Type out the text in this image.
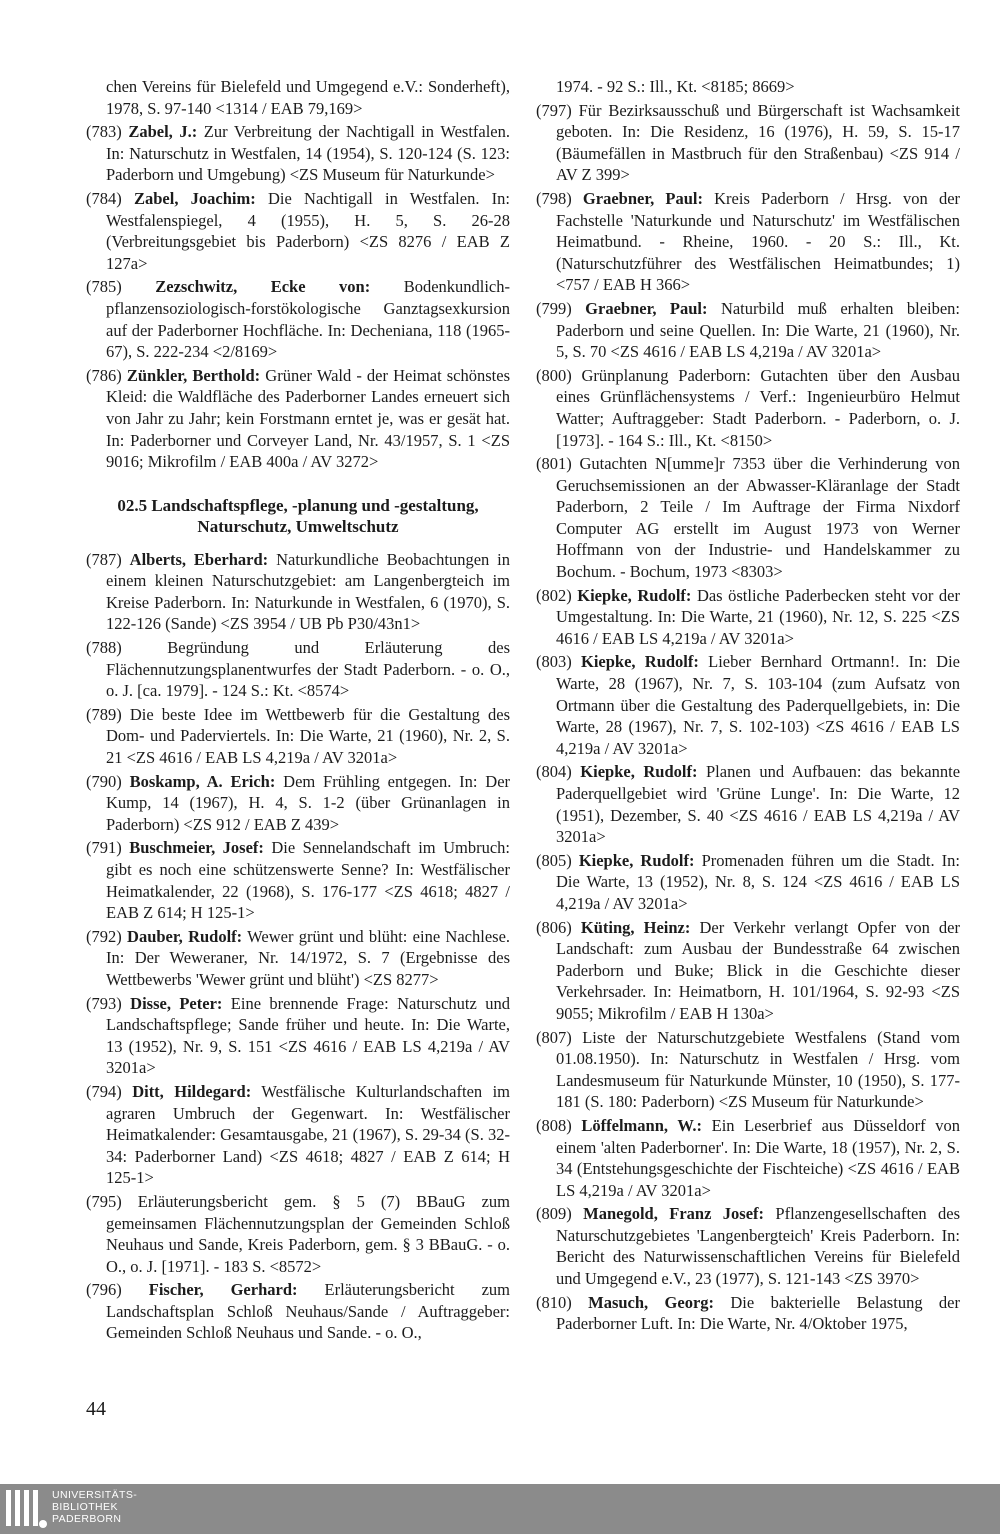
chen Vereins für Bielefeld und Umgegend e.V.: Sonderheft), 1978, S. 97-140 <1314 / EAB 79,169>
(783) Zabel, J.: Zur Verbreitung der Nachtigall in Westfalen. In: Naturschutz in Westfalen, 14 (1954), S. 120-124 (S. 123: Paderborn und Umgebung) <ZS Museum für Naturkunde>
(784) Zabel, Joachim: Die Nachtigall in Westfalen. In: Westfalenspiegel, 4 (1955), H. 5, S. 26-28 (Verbreitungsgebiet bis Paderborn) <ZS 8276 / EAB Z 127a>
(785) Zezschwitz, Ecke von: Bodenkundlich-pflanzensoziologisch-forstökologische Ganztagsexkursion auf der Paderborner Hochfläche. In: Decheniana, 118 (1965-67), S. 222-234 <2/8169>
(786) Zünkler, Berthold: Grüner Wald - der Heimat schönstes Kleid: die Waldfläche des Paderborner Landes erneuert sich von Jahr zu Jahr; kein Forstmann erntet je, was er gesät hat. In: Paderborner und Corveyer Land, Nr. 43/1957, S. 1 <ZS 9016; Mikrofilm / EAB 400a / AV 3272>
02.5 Landschaftspflege, -planung und -gestaltung, Naturschutz, Umweltschutz
(787) Alberts, Eberhard: Naturkundliche Beobachtungen in einem kleinen Naturschutzgebiet: am Langenbergteich im Kreise Paderborn. In: Naturkunde in Westfalen, 6 (1970), S. 122-126 (Sande) <ZS 3954 / UB Pb P30/43n1>
(788)	Begründung und Erläuterung des Flächennutzungsplanentwurfes der Stadt Paderborn. - o. O., o. J. [ca. 1979]. - 124 S.: Kt. <8574>
(789) Die beste Idee im Wettbewerb für die Gestaltung des Dom- und Paderviertels. In: Die Warte, 21 (1960), Nr. 2, S. 21 <ZS 4616 / EAB LS 4,219a / AV 3201a>
(790) Boskamp, A. Erich: Dem Frühling entgegen. In: Der Kump, 14 (1967), H. 4, S. 1-2 (über Grünanlagen in Paderborn) <ZS 912 / EAB Z 439>
(791) Buschmeier, Josef: Die Sennelandschaft im Umbruch: gibt es noch eine schützenswerte Senne? In: Westfälischer Heimatkalender, 22 (1968), S. 176-177 <ZS 4618; 4827 / EAB Z 614; H 125-1>
(792) Dauber, Rudolf: Wewer grünt und blüht: eine Nachlese. In: Der Weweraner, Nr. 14/1972, S. 7 (Ergebnisse des Wettbewerbs 'Wewer grünt und blüht') <ZS 8277>
(793) Disse, Peter: Eine brennende Frage: Naturschutz und Landschaftspflege; Sande früher und heute. In: Die Warte, 13 (1952), Nr. 9, S. 151 <ZS 4616 / EAB LS 4,219a / AV 3201a>
(794) Ditt, Hildegard: Westfälische Kulturlandschaften im agraren Umbruch der Gegenwart. In: Westfälischer Heimatkalender: Gesamtausgabe, 21 (1967), S. 29-34 (S. 32-34: Paderborner Land) <ZS 4618; 4827 / EAB Z 614; H 125-1>
(795) Erläuterungsbericht gem. § 5 (7) BBauG zum gemeinsamen Flächennutzungsplan der Gemeinden Schloß Neuhaus und Sande, Kreis Paderborn, gem. § 3 BBauG. - o. O., o. J. [1971]. - 183 S. <8572>
(796) Fischer, Gerhard: Erläuterungsbericht zum Landschaftsplan Schloß Neuhaus/Sande / Auftraggeber: Gemeinden Schloß Neuhaus und Sande. - o. O.,
1974. - 92 S.: Ill., Kt. <8185; 8669>
(797) Für Bezirksausschuß und Bürgerschaft ist Wachsamkeit geboten. In: Die Residenz, 16 (1976), H. 59, S. 15-17 (Bäumefällen in Mastbruch für den Straßenbau) <ZS 914 / AV Z 399>
(798) Graebner, Paul: Kreis Paderborn / Hrsg. von der Fachstelle 'Naturkunde und Naturschutz' im Westfälischen Heimatbund. - Rheine, 1960. - 20 S.: Ill., Kt. (Naturschutzführer des Westfälischen Heimatbundes; 1) <757 / EAB H 366>
(799) Graebner, Paul: Naturbild muß erhalten bleiben: Paderborn und seine Quellen. In: Die Warte, 21 (1960), Nr. 5, S. 70 <ZS 4616 / EAB LS 4,219a / AV 3201a>
(800) Grünplanung Paderborn: Gutachten über den Ausbau eines Grünflächensystems / Verf.: Ingenieurbüro Helmut Watter; Auftraggeber: Stadt Paderborn. - Paderborn, o. J. [1973]. - 164 S.: Ill., Kt. <8150>
(801) Gutachten N[umme]r 7353 über die Verhinderung von Geruchsemissionen an der Abwasser-Kläranlage der Stadt Paderborn, 2 Teile / Im Auftrage der Firma Nixdorf Computer AG erstellt im August 1973 von Werner Hoffmann von der Industrie- und Handelskammer zu Bochum. - Bochum, 1973 <8303>
(802) Kiepke, Rudolf: Das östliche Paderbecken steht vor der Umgestaltung. In: Die Warte, 21 (1960), Nr. 12, S. 225 <ZS 4616 / EAB LS 4,219a / AV 3201a>
(803) Kiepke, Rudolf: Lieber Bernhard Ortmann!. In: Die Warte, 28 (1967), Nr. 7, S. 103-104 (zum Aufsatz von Ortmann über die Gestaltung des Paderquellgebiets, in: Die Warte, 28 (1967), Nr. 7, S. 102-103) <ZS 4616 / EAB LS 4,219a / AV 3201a>
(804) Kiepke, Rudolf: Planen und Aufbauen: das bekannte Paderquellgebiet wird 'Grüne Lunge'. In: Die Warte, 12 (1951), Dezember, S. 40 <ZS 4616 / EAB LS 4,219a / AV 3201a>
(805) Kiepke, Rudolf: Promenaden führen um die Stadt. In: Die Warte, 13 (1952), Nr. 8, S. 124 <ZS 4616 / EAB LS 4,219a / AV 3201a>
(806) Küting, Heinz: Der Verkehr verlangt Opfer von der Landschaft: zum Ausbau der Bundesstraße 64 zwischen Paderborn und Buke; Blick in die Geschichte dieser Verkehrsader. In: Heimatborn, H. 101/1964, S. 92-93 <ZS 9055; Mikrofilm / EAB H 130a>
(807) Liste der Naturschutzgebiete Westfalens (Stand vom 01.08.1950). In: Naturschutz in Westfalen / Hrsg. vom Landesmuseum für Naturkunde Münster, 10 (1950), S. 177-181 (S. 180: Paderborn) <ZS Museum für Naturkunde>
(808) Löffelmann, W.: Ein Leserbrief aus Düsseldorf von einem 'alten Paderborner'. In: Die Warte, 18 (1957), Nr. 2, S. 34 (Entstehungsgeschichte der Fischteiche) <ZS 4616 / EAB LS 4,219a / AV 3201a>
(809) Manegold, Franz Josef: Pflanzengesellschaften des Naturschutzgebietes 'Langenbergteich' Kreis Paderborn. In: Bericht des Naturwissenschaftlichen Vereins für Bielefeld und Umgegend e.V., 23 (1977), S. 121-143 <ZS 3970>
(810) Masuch, Georg: Die bakterielle Belastung der Paderborner Luft. In: Die Warte, Nr. 4/Oktober 1975,
44
UNIVERSITÄTS-
BIBLIOTHEK
PADERBORN
